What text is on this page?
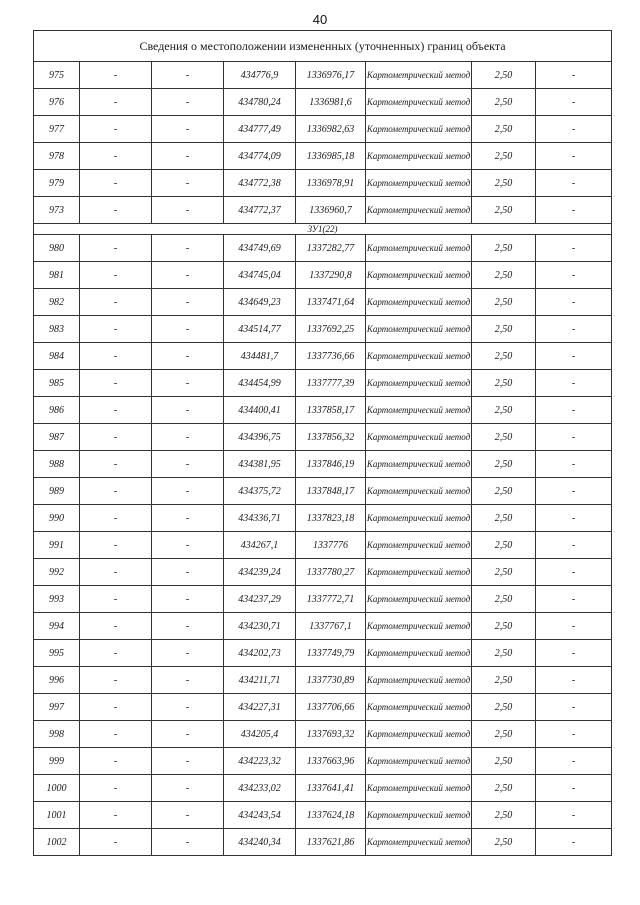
40
Сведения о местоположении измененных (уточненных) границ объекта							
975	-	-	434776,9	1336976,17	Картометрический метод	2,50	-
976	-	-	434780,24	1336981,6	Картометрический метод	2,50	-
977	-	-	434777,49	1336982,63	Картометрический метод	2,50	-
978	-	-	434774,09	1336985,18	Картометрический метод	2,50	-
979	-	-	434772,38	1336978,91	Картометрический метод	2,50	-
973	-	-	434772,37	1336960,7	Картометрический метод	2,50	-
ЗУ1(22)							
980	-	-	434749,69	1337282,77	Картометрический метод	2,50	-
981	-	-	434745,04	1337290,8	Картометрический метод	2,50	-
982	-	-	434649,23	1337471,64	Картометрический метод	2,50	-
983	-	-	434514,77	1337692,25	Картометрический метод	2,50	-
984	-	-	434481,7	1337736,66	Картометрический метод	2,50	-
985	-	-	434454,99	1337777,39	Картометрический метод	2,50	-
986	-	-	434400,41	1337858,17	Картометрический метод	2,50	-
987	-	-	434396,75	1337856,32	Картометрический метод	2,50	-
988	-	-	434381,95	1337846,19	Картометрический метод	2,50	-
989	-	-	434375,72	1337848,17	Картометрический метод	2,50	-
990	-	-	434336,71	1337823,18	Картометрический метод	2,50	-
991	-	-	434267,1	1337776	Картометрический метод	2,50	-
992	-	-	434239,24	1337780,27	Картометрический метод	2,50	-
993	-	-	434237,29	1337772,71	Картометрический метод	2,50	-
994	-	-	434230,71	1337767,1	Картометрический метод	2,50	-
995	-	-	434202,73	1337749,79	Картометрический метод	2,50	-
996	-	-	434211,71	1337730,89	Картометрический метод	2,50	-
997	-	-	434227,31	1337706,66	Картометрический метод	2,50	-
998	-	-	434205,4	1337693,32	Картометрический метод	2,50	-
999	-	-	434223,32	1337663,96	Картометрический метод	2,50	-
1000	-	-	434233,02	1337641,41	Картометрический метод	2,50	-
1001	-	-	434243,54	1337624,18	Картометрический метод	2,50	-
1002	-	-	434240,34	1337621,86	Картометрический метод	2,50	-
